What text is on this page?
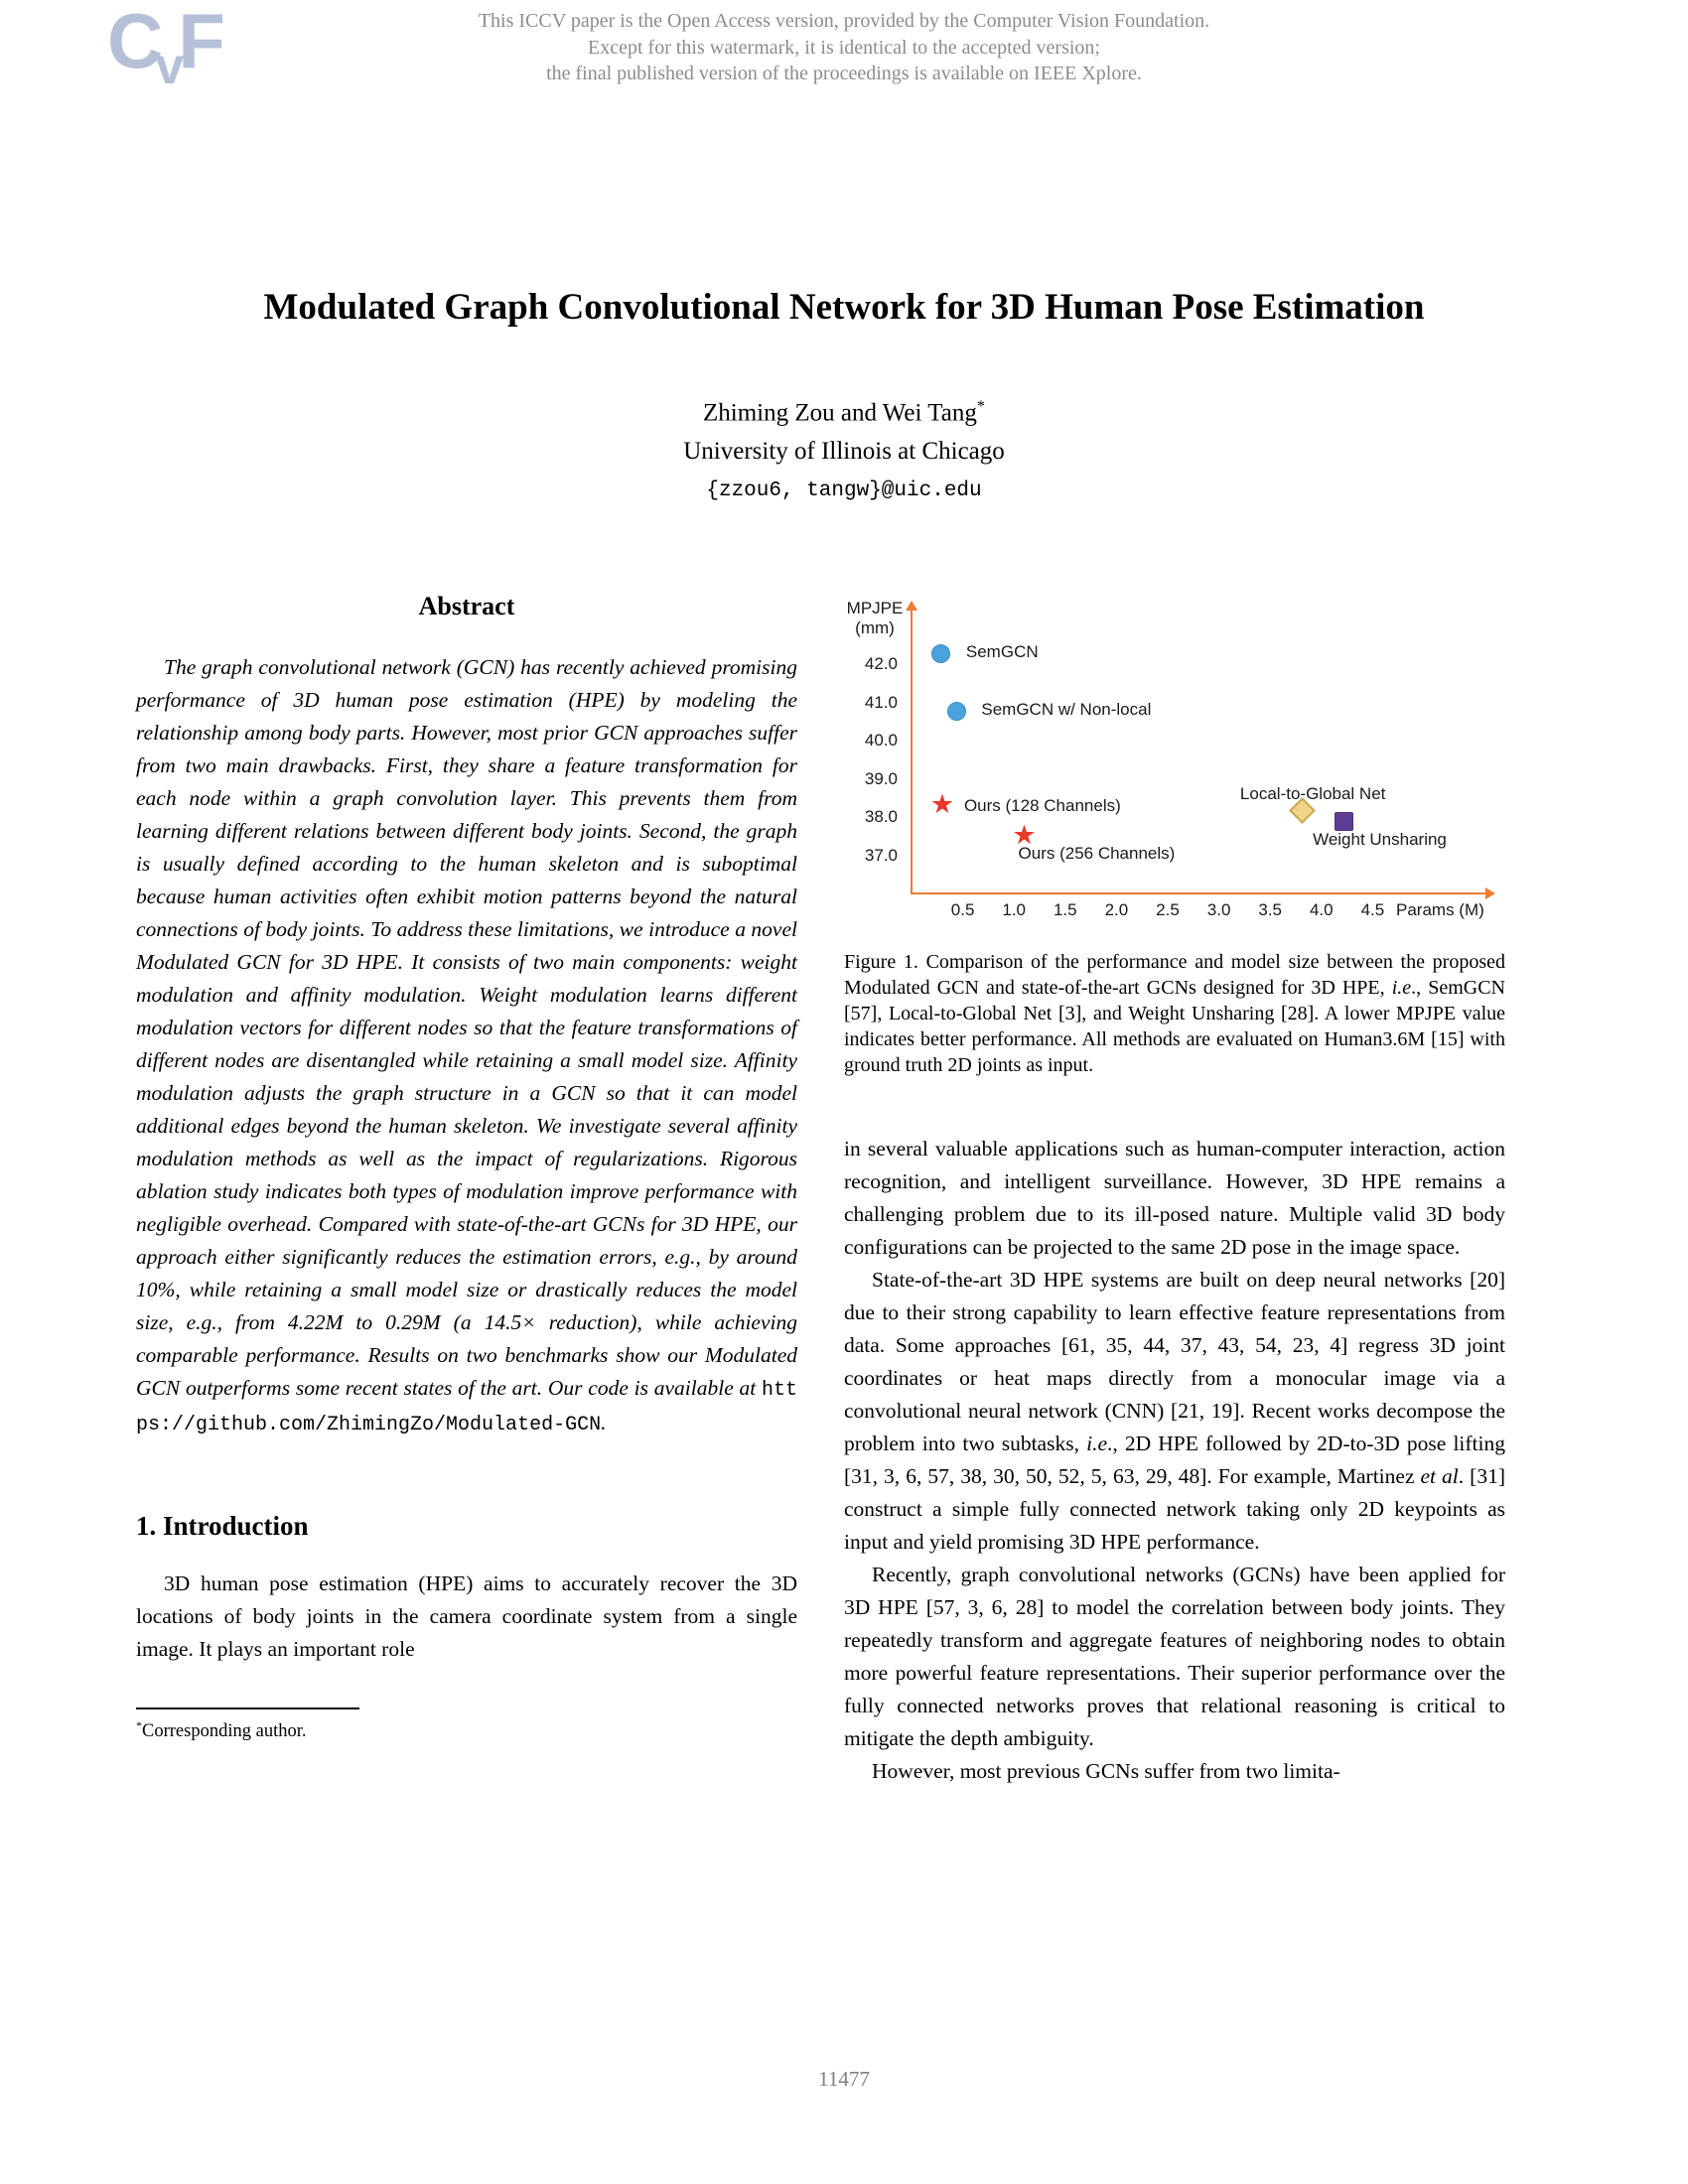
CvF	This ICCV paper is the Open Access version, provided by the Computer Vision Foundation.
Except for this watermark, it is identical to the accepted version;
the final published version of the proceedings is available on IEEE Xplore.
Modulated Graph Convolutional Network for 3D Human Pose Estimation
Zhiming Zou and Wei Tang*
University of Illinois at Chicago
{zzou6, tangw}@uic.edu
Abstract

The graph convolutional network (GCN) has recently achieved promising performance of 3D human pose estimation (HPE) by modeling the relationship among body parts. However, most prior GCN approaches suffer from two main drawbacks. First, they share a feature transformation for each node within a graph convolution layer. This prevents them from learning different relations between different body joints. Second, the graph is usually defined according to the human skeleton and is suboptimal because human activities often exhibit motion patterns beyond the natural connections of body joints. To address these limitations, we introduce a novel Modulated GCN for 3D HPE. It consists of two main components: weight modulation and affinity modulation. Weight modulation learns different modulation vectors for different nodes so that the feature transformations of different nodes are disentangled while retaining a small model size. Affinity modulation adjusts the graph structure in a GCN so that it can model additional edges beyond the human skeleton. We investigate several affinity modulation methods as well as the impact of regularizations. Rigorous ablation study indicates both types of modulation improve performance with negligible overhead. Compared with state-of-the-art GCNs for 3D HPE, our approach either significantly reduces the estimation errors, e.g., by around 10%, while retaining a small model size or drastically reduces the model size, e.g., from 4.22M to 0.29M (a 14.5× reduction), while achieving comparable performance. Results on two benchmarks show our Modulated GCN outperforms some recent states of the art. Our code is available at https://github.com/ZhimingZo/Modulated-GCN.

1. Introduction

3D human pose estimation (HPE) aims to accurately recover the 3D locations of body joints in the camera coordinate system from a single image. It plays an important role

*Corresponding author.
MPJPE
(mm)
42.0
41.0
40.0
39.0
38.0
37.0
0.5	1.0	1.5	2.0	2.5	3.0	3.5	4.0	4.5 Params (M)
SemGCN
SemGCN w/ Non-local
★ Ours (128 Channels)
★
Ours (256 Channels)
Local-to-Global Net
Weight Unsharing
Figure 1. Comparison of the performance and model size between the proposed Modulated GCN and state-of-the-art GCNs designed for 3D HPE, i.e., SemGCN [57], Local-to-Global Net [3], and Weight Unsharing [28]. A lower MPJPE value indicates better performance. All methods are evaluated on Human3.6M [15] with ground truth 2D joints as input.

in several valuable applications such as human-computer interaction, action recognition, and intelligent surveillance. However, 3D HPE remains a challenging problem due to its ill-posed nature. Multiple valid 3D body configurations can be projected to the same 2D pose in the image space.

State-of-the-art 3D HPE systems are built on deep neural networks [20] due to their strong capability to learn effective feature representations from data. Some approaches [61, 35, 44, 37, 43, 54, 23, 4] regress 3D joint coordinates or heat maps directly from a monocular image via a convolutional neural network (CNN) [21, 19]. Recent works decompose the problem into two subtasks, i.e., 2D HPE followed by 2D-to-3D pose lifting [31, 3, 6, 57, 38, 30, 50, 52, 5, 63, 29, 48]. For example, Martinez et al. [31] construct a simple fully connected network taking only 2D keypoints as input and yield promising 3D HPE performance.

Recently, graph convolutional networks (GCNs) have been applied for 3D HPE [57, 3, 6, 28] to model the correlation between body joints. They repeatedly transform and aggregate features of neighboring nodes to obtain more powerful feature representations. Their superior performance over the fully connected networks proves that relational reasoning is critical to mitigate the depth ambiguity.

However, most previous GCNs suffer from two limita-

11477
